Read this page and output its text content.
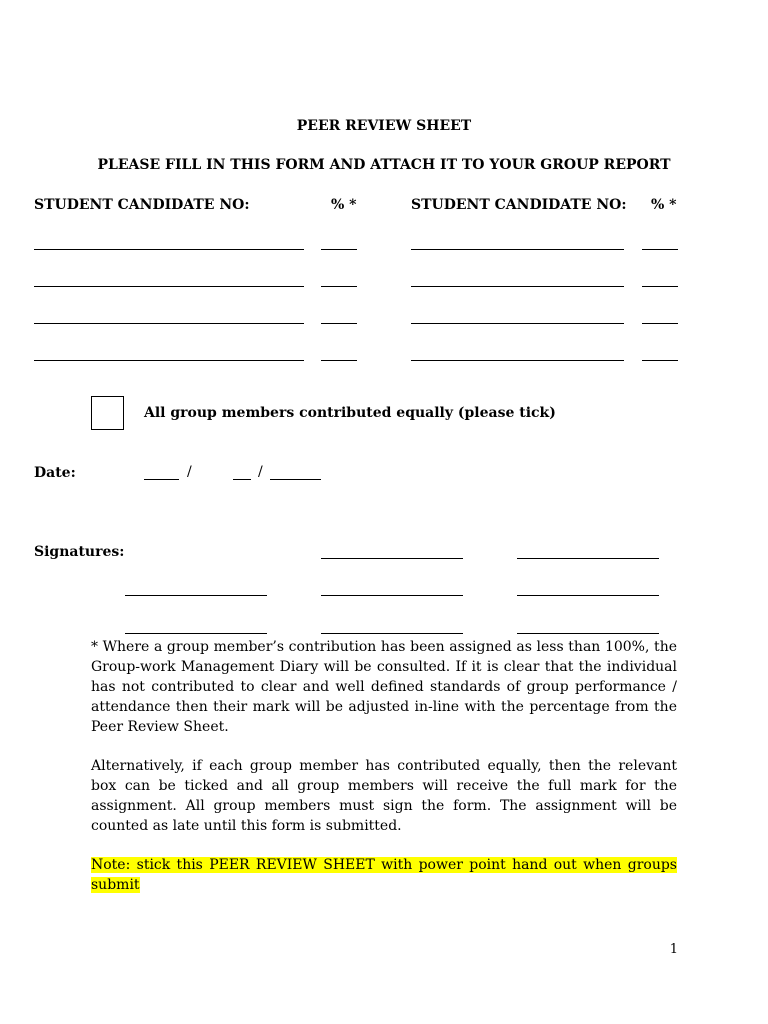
PEER REVIEW SHEET
PLEASE FILL IN THIS FORM AND ATTACH IT TO YOUR GROUP REPORT
STUDENT CANDIDATE NO:	% *	STUDENT CANDIDATE NO: % *
All group members contributed equally (please tick)
Date:	/	/
Signatures:
* Where a group member’s contribution has been assigned as less than 100%, the Group-work Management Diary will be consulted. If it is clear that the individual has not contributed to clear and well defined standards of group performance / attendance then their mark will be adjusted in-line with the percentage from the Peer Review Sheet.
Alternatively, if each group member has contributed equally, then the relevant box can be ticked and all group members will receive the full mark for the assignment. All group members must sign the form. The assignment will be counted as late until this form is submitted.
Note: stick this PEER REVIEW SHEET with power point hand out when groups submit
1
